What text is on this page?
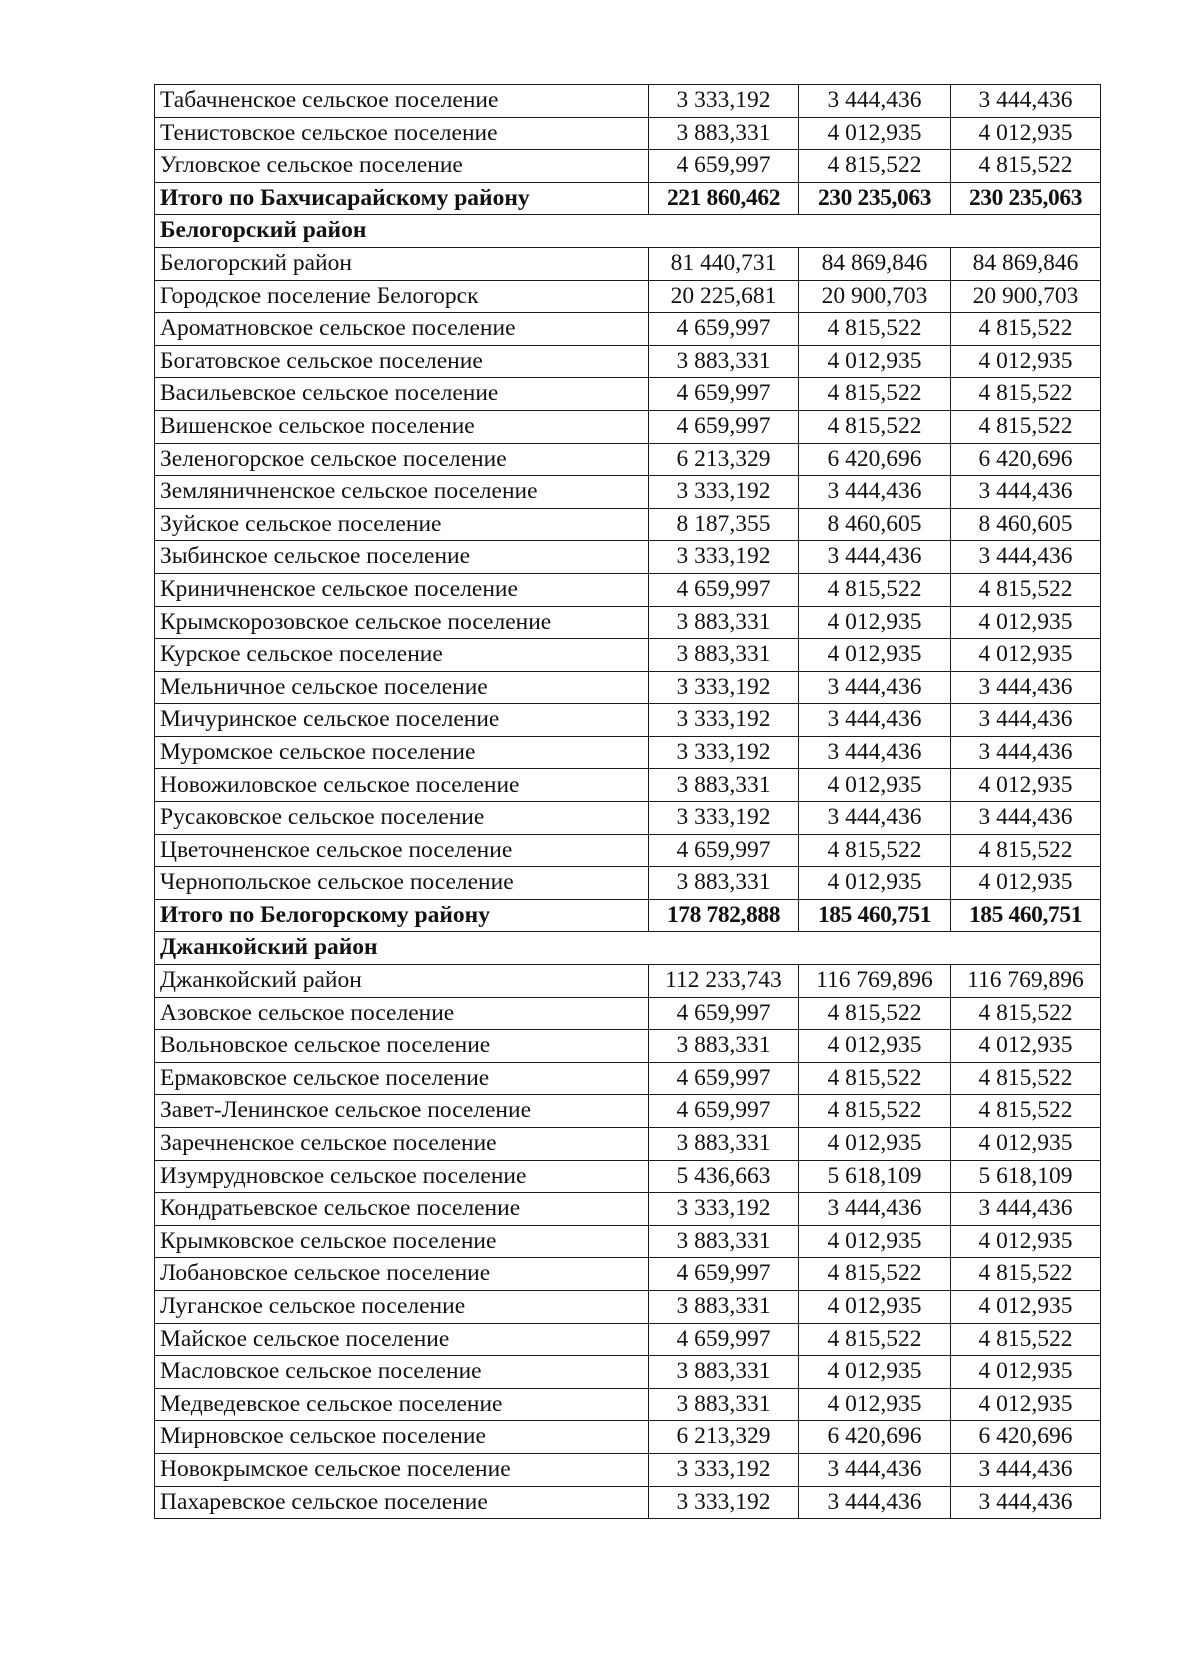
Табачненское сельское поселение	3 333,192	3 444,436	3 444,436
Тенистовское сельское поселение	3 883,331	4 012,935	4 012,935
Угловское сельское поселение	4 659,997	4 815,522	4 815,522
Итого по Бахчисарайскому району	221 860,462	230 235,063	230 235,063
Белогорский район			
Белогорский район	81 440,731	84 869,846	84 869,846
Городское поселение Белогорск	20 225,681	20 900,703	20 900,703
Ароматновское сельское поселение	4 659,997	4 815,522	4 815,522
Богатовское сельское поселение	3 883,331	4 012,935	4 012,935
Васильевское сельское поселение	4 659,997	4 815,522	4 815,522
Вишенское сельское поселение	4 659,997	4 815,522	4 815,522
Зеленогорское сельское поселение	6 213,329	6 420,696	6 420,696
Земляничненское сельское поселение	3 333,192	3 444,436	3 444,436
Зуйское сельское поселение	8 187,355	8 460,605	8 460,605
Зыбинское сельское поселение	3 333,192	3 444,436	3 444,436
Криничненское сельское поселение	4 659,997	4 815,522	4 815,522
Крымскорозовское сельское поселение	3 883,331	4 012,935	4 012,935
Курское сельское поселение	3 883,331	4 012,935	4 012,935
Мельничное сельское поселение	3 333,192	3 444,436	3 444,436
Мичуринское сельское поселение	3 333,192	3 444,436	3 444,436
Муромское сельское поселение	3 333,192	3 444,436	3 444,436
Новожиловское сельское поселение	3 883,331	4 012,935	4 012,935
Русаковское сельское поселение	3 333,192	3 444,436	3 444,436
Цветочненское сельское поселение	4 659,997	4 815,522	4 815,522
Чернопольское сельское поселение	3 883,331	4 012,935	4 012,935
Итого по Белогорскому району	178 782,888	185 460,751	185 460,751
Джанкойский район			
Джанкойский район	112 233,743	116 769,896	116 769,896
Азовское сельское поселение	4 659,997	4 815,522	4 815,522
Вольновское сельское поселение	3 883,331	4 012,935	4 012,935
Ермаковское сельское поселение	4 659,997	4 815,522	4 815,522
Завет-Ленинское сельское поселение	4 659,997	4 815,522	4 815,522
Заречненское сельское поселение	3 883,331	4 012,935	4 012,935
Изумрудновское сельское поселение	5 436,663	5 618,109	5 618,109
Кондратьевское сельское поселение	3 333,192	3 444,436	3 444,436
Крымковское сельское поселение	3 883,331	4 012,935	4 012,935
Лобановское сельское поселение	4 659,997	4 815,522	4 815,522
Луганское сельское поселение	3 883,331	4 012,935	4 012,935
Майское сельское поселение	4 659,997	4 815,522	4 815,522
Масловское сельское поселение	3 883,331	4 012,935	4 012,935
Медведевское сельское поселение	3 883,331	4 012,935	4 012,935
Мирновское сельское поселение	6 213,329	6 420,696	6 420,696
Новокрымское сельское поселение	3 333,192	3 444,436	3 444,436
Пахаревское сельское поселение	3 333,192	3 444,436	3 444,436
